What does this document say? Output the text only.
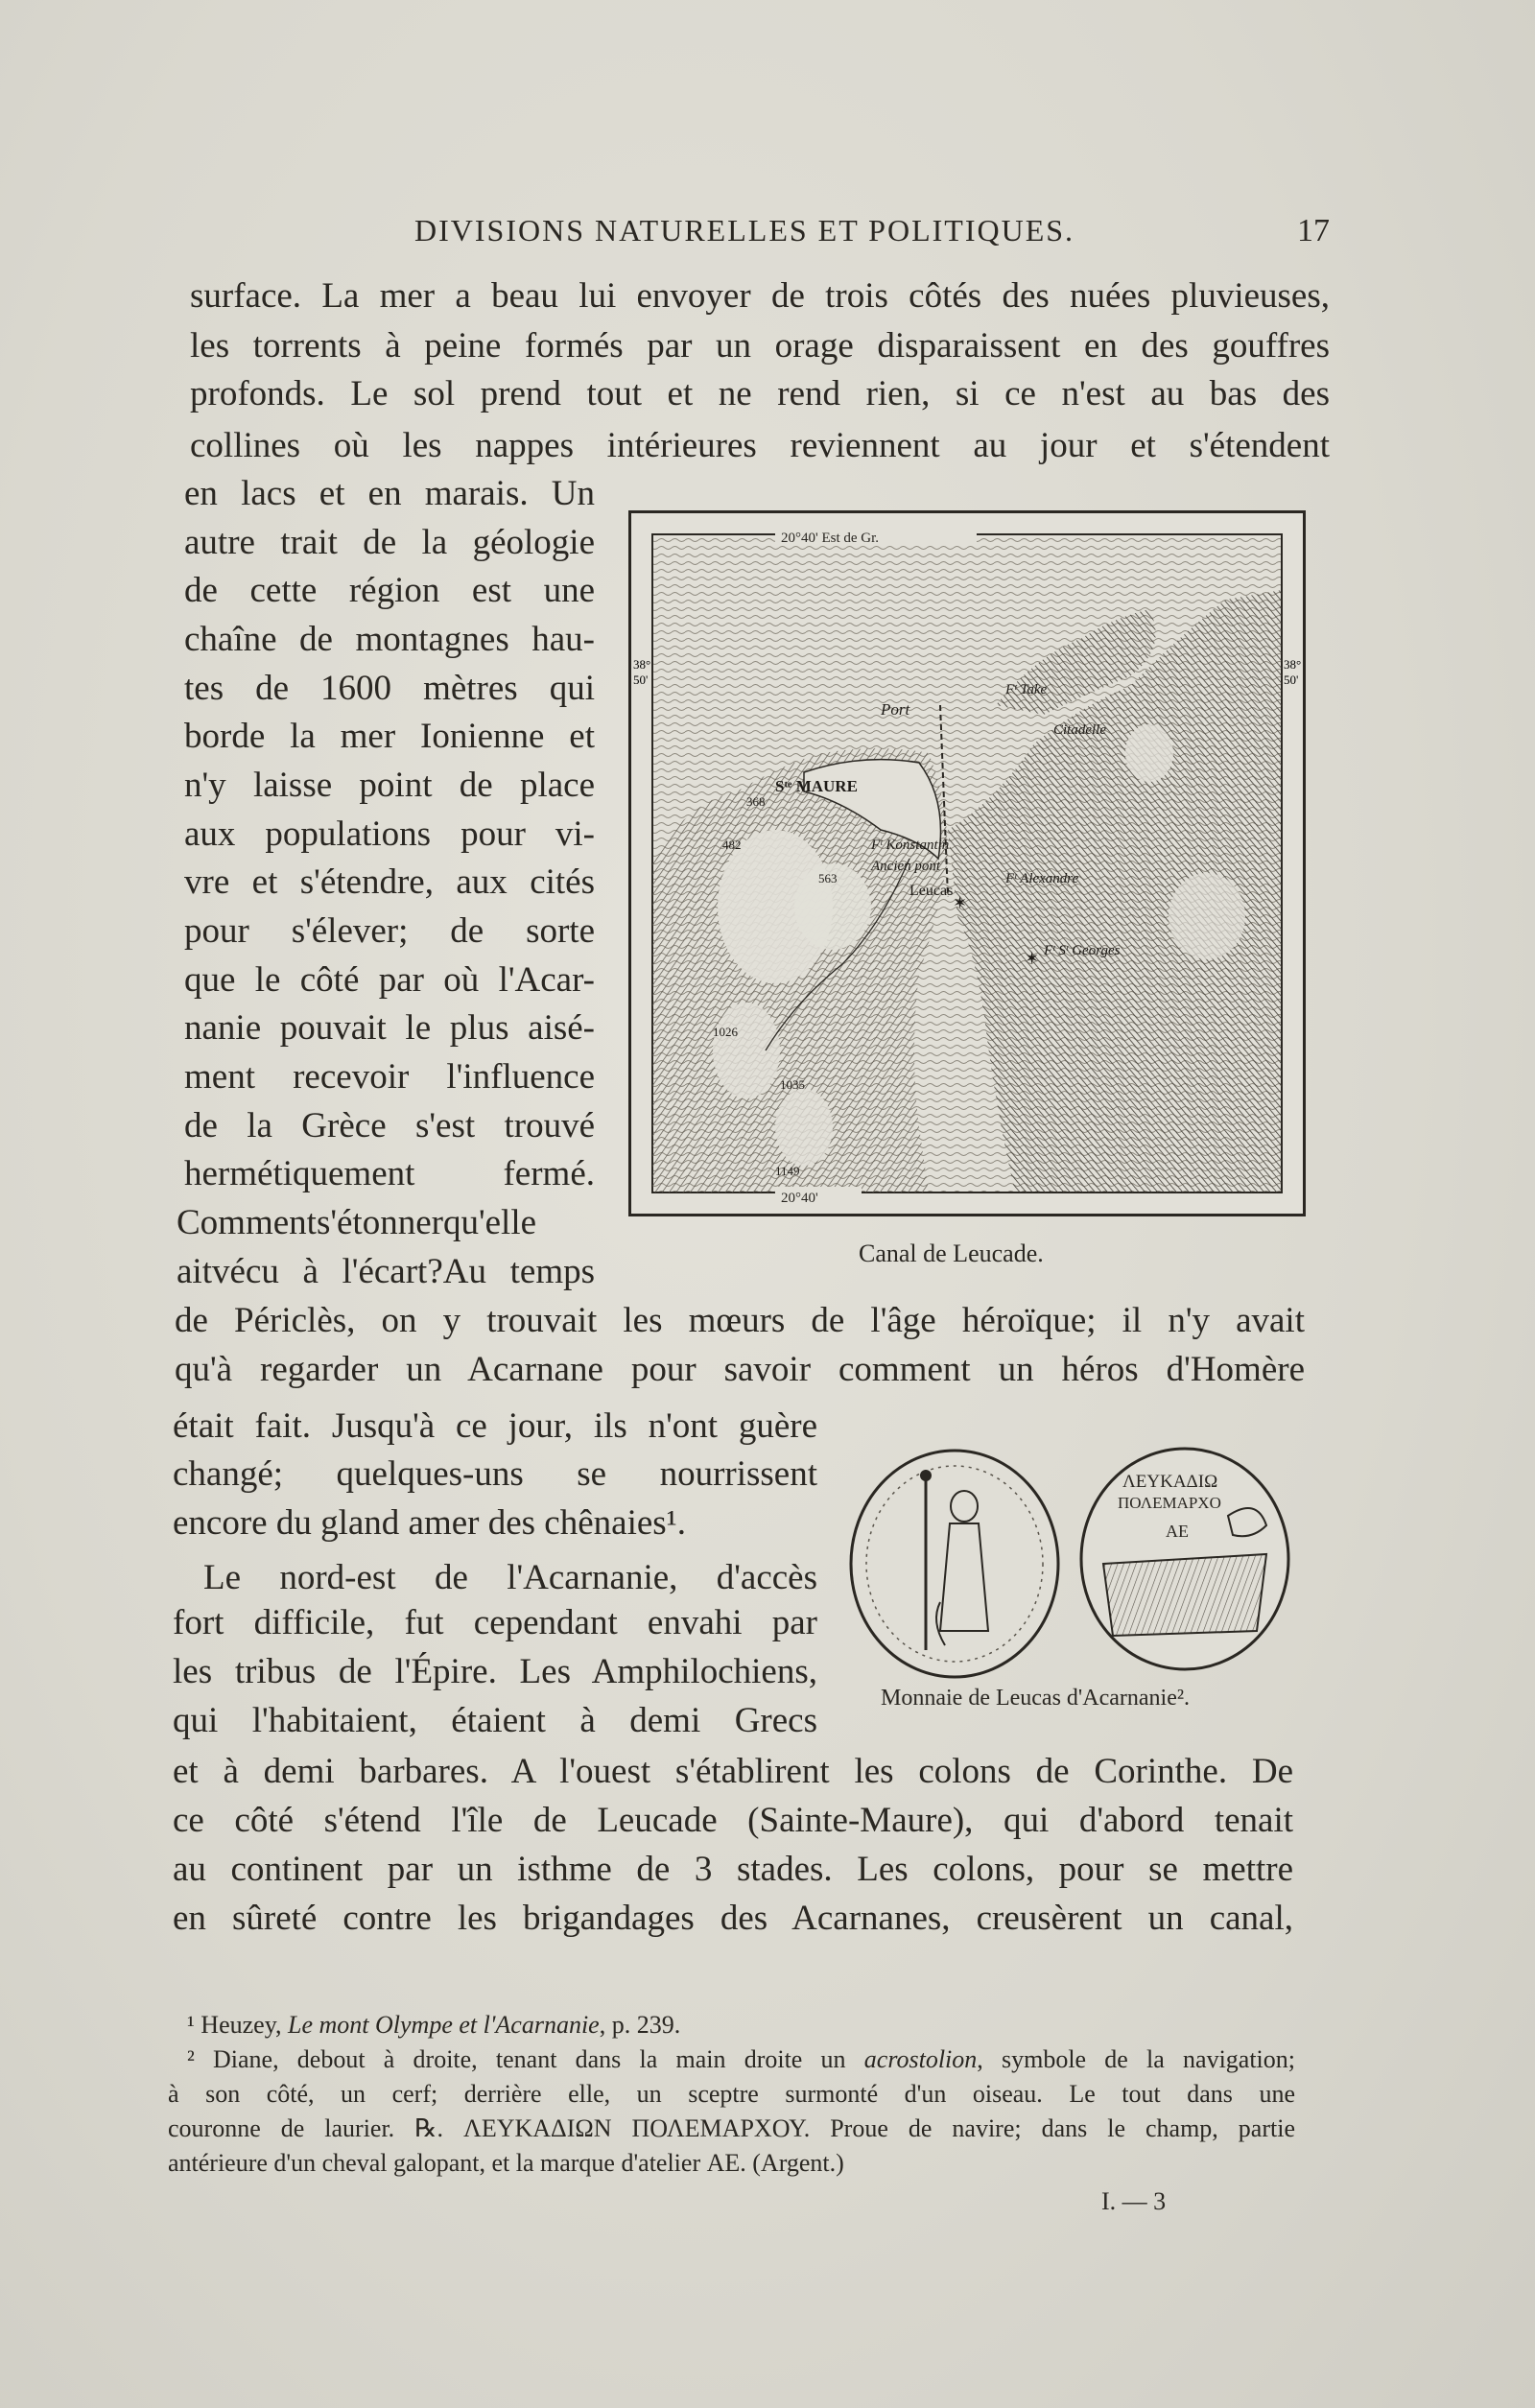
DIVISIONS NATURELLES ET POLITIQUES.	17
surface. La mer a beau lui envoyer de trois côtés des nuées pluvieuses,
les torrents à peine formés par un orage disparaissent en des gouffres
profonds. Le sol prend tout et ne rend rien, si ce n'est au bas des
collines où les nappes intérieures reviennent au jour et s'étendent
en lacs et en marais. Un
autre trait de la géologie
de cette région est une
chaîne de montagnes hau-
tes de 1600 mètres qui
borde la mer Ionienne et
n'y laisse point de place
aux populations pour vi-
vre et s'étendre, aux cités
pour s'élever; de sorte
que le côté par où l'Acar-
nanie pouvait le plus aisé-
ment recevoir l'influence
de la Grèce s'est trouvé
hermétiquement fermé.
Comments'étonnerqu'elle
aitvécu à l'écart?Au temps
20°40' Est de Gr.
20°40'
38°
50'
38°
50'
Port
Fᵗ Take
Citadelle
Fᵗ Konstantin
Ancien pont
Fᵗ Alexandre
Fᵗ Sᵗ Georges
Sᵗᵉ MAURE
Leucas
368
482
563
1026
1035
1149
✶
✶
Canal de Leucade.
de Périclès, on y trouvait les mœurs de l'âge héroïque; il n'y avait
qu'à regarder un Acarnane pour savoir comment un héros d'Homère
était fait. Jusqu'à ce jour, ils n'ont guère
changé; quelques-uns se nourrissent
encore du gland amer des chênaies¹.
Le nord-est de l'Acarnanie, d'accès
fort difficile, fut cependant envahi par
les tribus de l'Épire. Les Amphilochiens,
qui l'habitaient, étaient à demi Grecs
ΛΕΥΚΑΔΙΩ
ΠΟΛΕΜΑΡΧΟ
ΑΕ
Monnaie de Leucas d'Acarnanie².
et à demi barbares. A l'ouest s'établirent les colons de Corinthe. De
ce côté s'étend l'île de Leucade (Sainte-Maure), qui d'abord tenait
au continent par un isthme de 3 stades. Les colons, pour se mettre
en sûreté contre les brigandages des Acarnanes, creusèrent un canal,
¹ Heuzey, Le mont Olympe et l'Acarnanie, p. 239.
² Diane, debout à droite, tenant dans la main droite un acrostolion, symbole de la navigation;
à son côté, un cerf; derrière elle, un sceptre surmonté d'un oiseau. Le tout dans une
couronne de laurier. ℞. ΛΕΥΚΑΔΙΩΝ ΠΟΛΕΜΑΡΧΟΥ. Proue de navire; dans le champ, partie
antérieure d'un cheval galopant, et la marque d'atelier ΑΕ. (Argent.)
I. — 3
